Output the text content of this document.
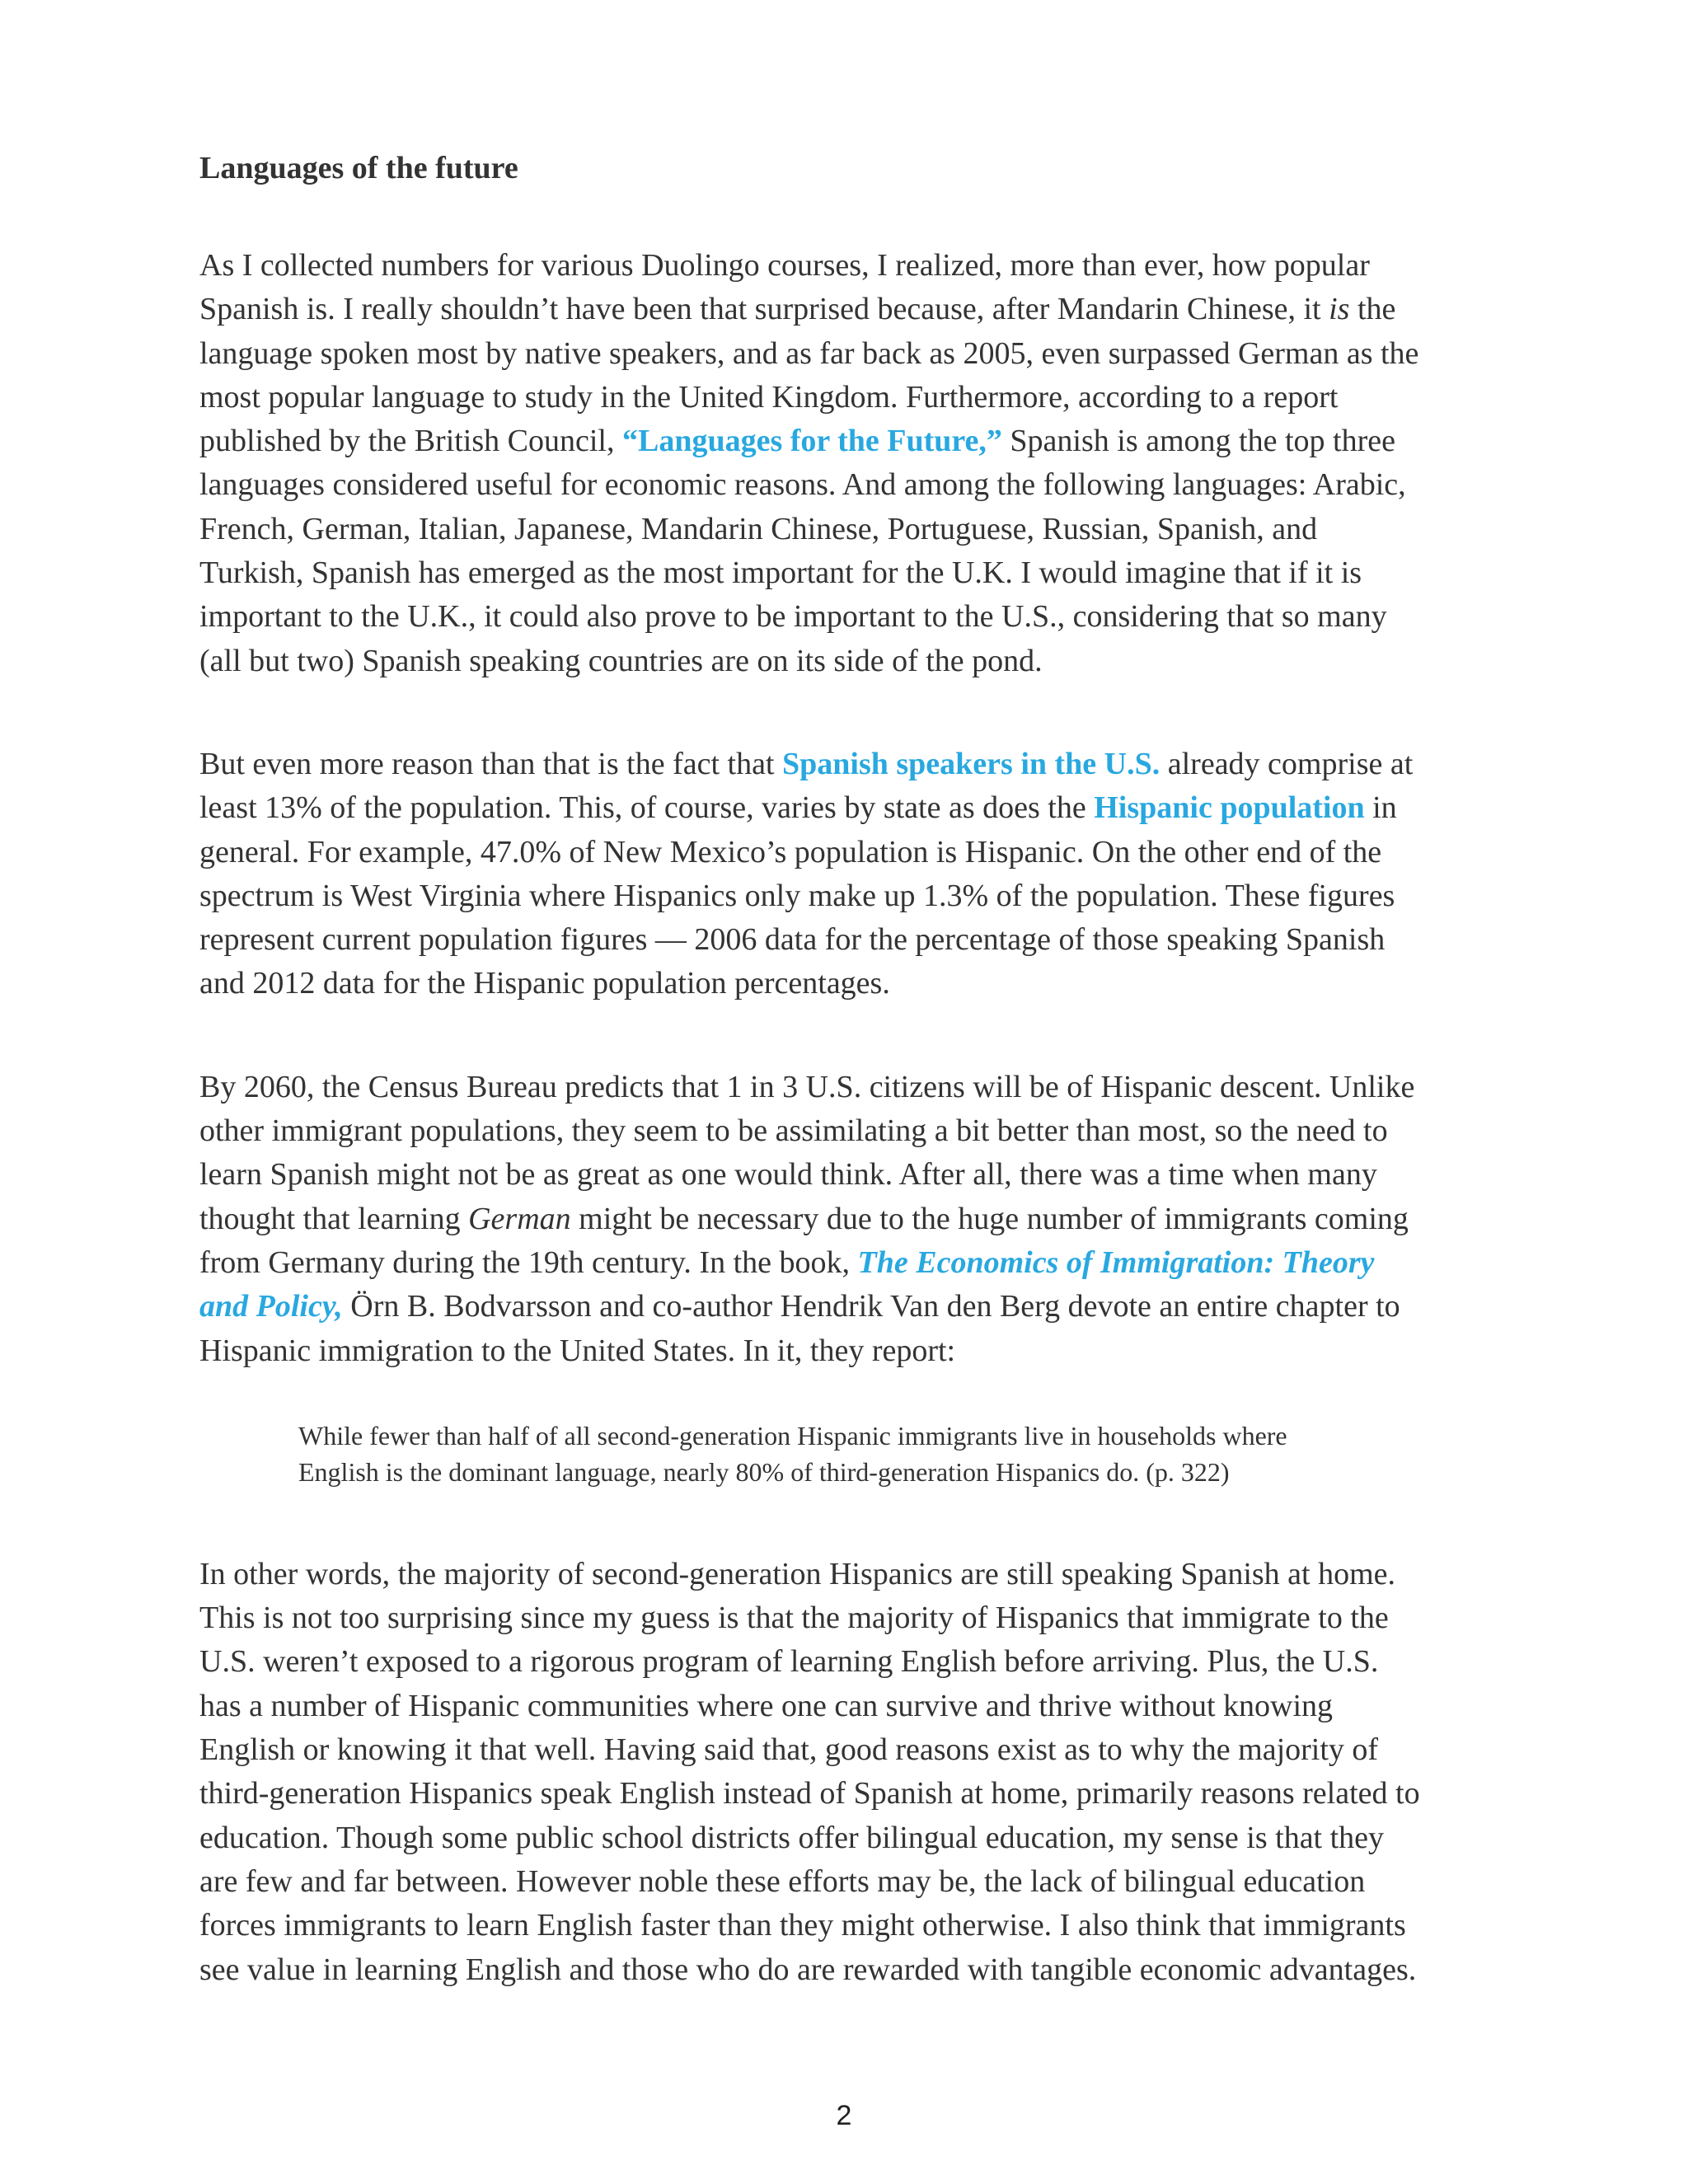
Languages of the future
As I collected numbers for various Duolingo courses, I realized, more than ever, how popular
Spanish is. I really shouldn’t have been that surprised because, after Mandarin Chinese, it is the
language spoken most by native speakers, and as far back as 2005, even surpassed German as the
most popular language to study in the United Kingdom. Furthermore, according to a report
published by the British Council, “Languages for the Future,” Spanish is among the top three
languages considered useful for economic reasons. And among the following languages: Arabic,
French, German, Italian, Japanese, Mandarin Chinese, Portuguese, Russian, Spanish, and
Turkish, Spanish has emerged as the most important for the U.K. I would imagine that if it is
important to the U.K., it could also prove to be important to the U.S., considering that so many
(all but two) Spanish speaking countries are on its side of the pond.
But even more reason than that is the fact that Spanish speakers in the U.S. already comprise at
least 13% of the population. This, of course, varies by state as does the Hispanic population in
general. For example, 47.0% of New Mexico’s population is Hispanic. On the other end of the
spectrum is West Virginia where Hispanics only make up 1.3% of the population. These figures
represent current population figures — 2006 data for the percentage of those speaking Spanish
and 2012 data for the Hispanic population percentages.
By 2060, the Census Bureau predicts that 1 in 3 U.S. citizens will be of Hispanic descent. Unlike
other immigrant populations, they seem to be assimilating a bit better than most, so the need to
learn Spanish might not be as great as one would think. After all, there was a time when many
thought that learning German might be necessary due to the huge number of immigrants coming
from Germany during the 19th century. In the book, The Economics of Immigration: Theory
and Policy, Örn B. Bodvarsson and co-author Hendrik Van den Berg devote an entire chapter to
Hispanic immigration to the United States. In it, they report:
While fewer than half of all second-generation Hispanic immigrants live in households where
English is the dominant language, nearly 80% of third-generation Hispanics do. (p. 322)
In other words, the majority of second-generation Hispanics are still speaking Spanish at home.
This is not too surprising since my guess is that the majority of Hispanics that immigrate to the
U.S. weren’t exposed to a rigorous program of learning English before arriving. Plus, the U.S.
has a number of Hispanic communities where one can survive and thrive without knowing
English or knowing it that well. Having said that, good reasons exist as to why the majority of
third-generation Hispanics speak English instead of Spanish at home, primarily reasons related to
education. Though some public school districts offer bilingual education, my sense is that they
are few and far between. However noble these efforts may be, the lack of bilingual education
forces immigrants to learn English faster than they might otherwise. I also think that immigrants
see value in learning English and those who do are rewarded with tangible economic advantages.
2
